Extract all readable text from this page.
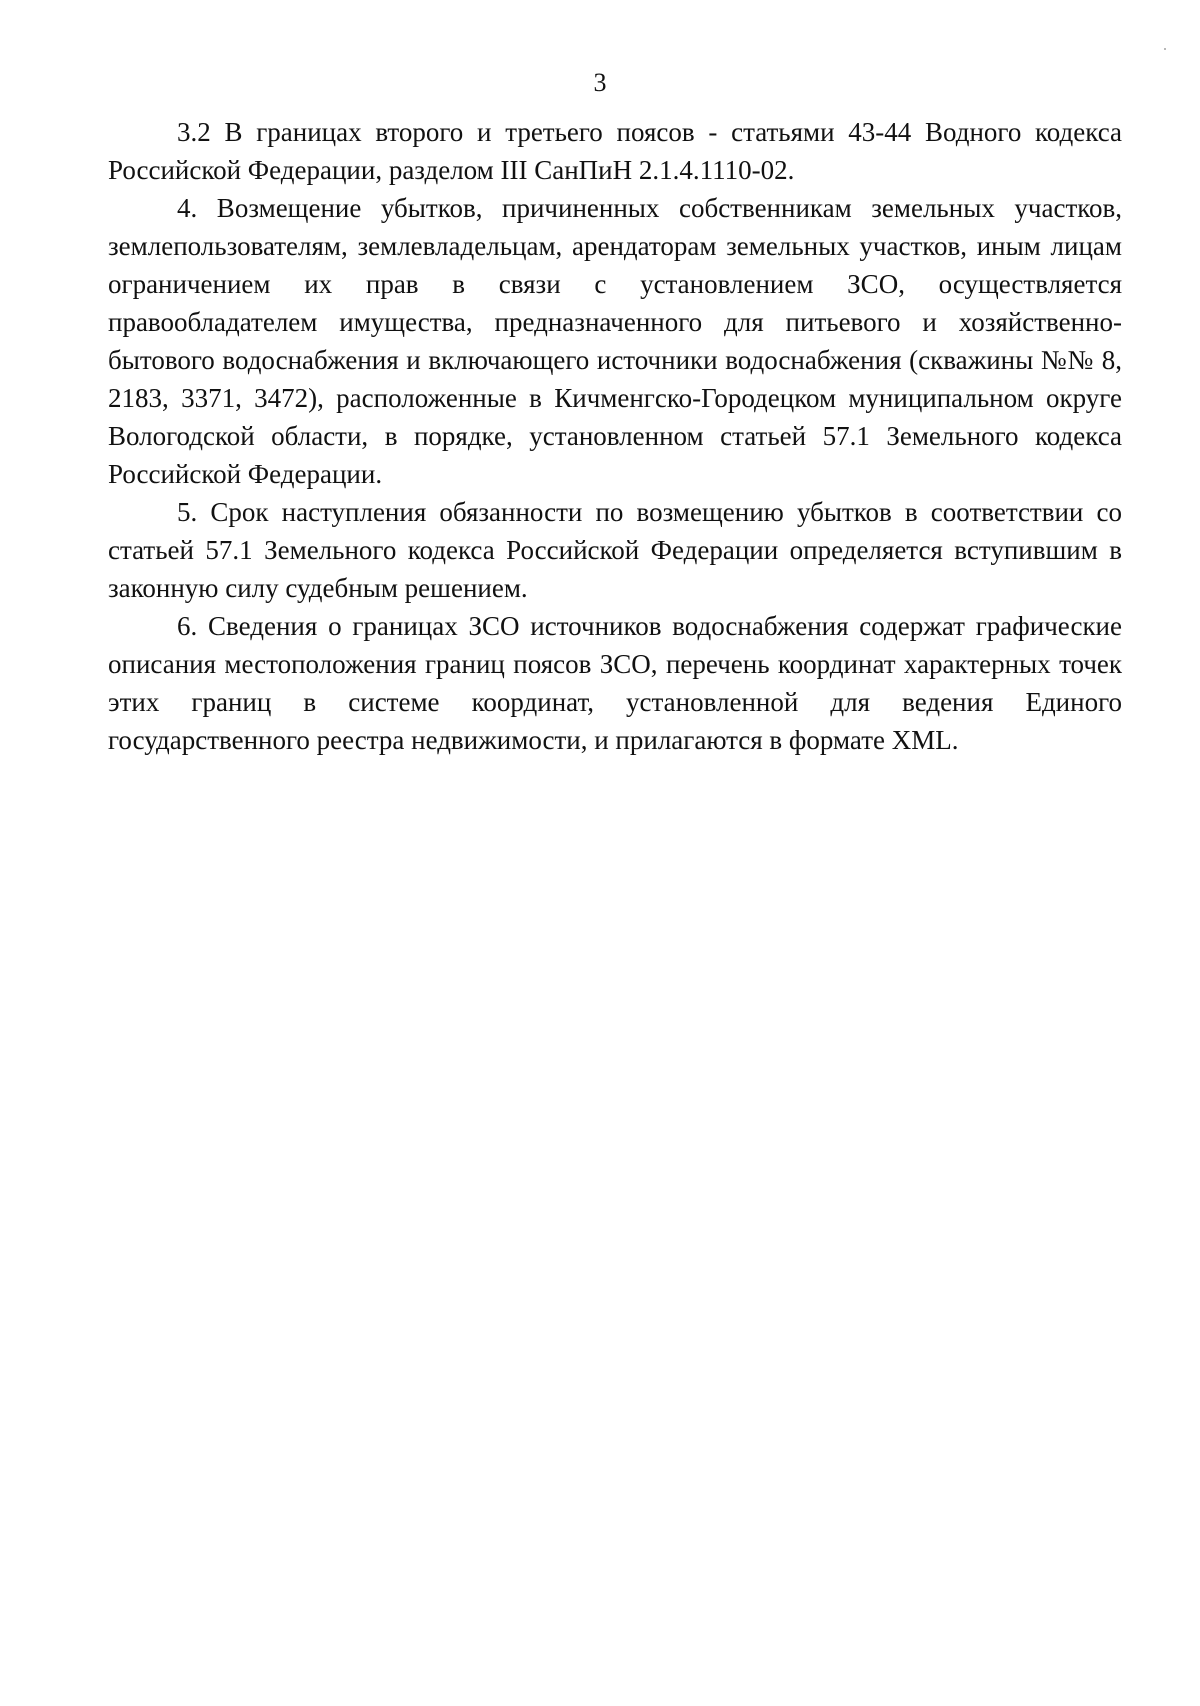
3

3.2 В границах второго и третьего поясов - статьями 43-44 Водного кодекса Российской Федерации, разделом III СанПиН 2.1.4.1110-02.

4. Возмещение убытков, причиненных собственникам земельных участков, землепользователям, землевладельцам, арендаторам земельных участков, иным лицам ограничением их прав в связи с установлением ЗСО, осуществляется правообладателем имущества, предназначенного для питьевого и хозяйственно-бытового водоснабжения и включающего источники водоснабжения (скважины №№ 8, 2183, 3371, 3472), расположенные в Кичменгско-Городецком муниципальном округе Вологодской области, в порядке, установленном статьей 57.1 Земельного кодекса Российской Федерации.

5. Срок наступления обязанности по возмещению убытков в соответствии со статьей 57.1 Земельного кодекса Российской Федерации определяется вступившим в законную силу судебным решением.

6. Сведения о границах ЗСО источников водоснабжения содержат графические описания местоположения границ поясов ЗСО, перечень координат характерных точек этих границ в системе координат, установленной для ведения Единого государственного реестра недвижимости, и прилагаются в формате XML.
